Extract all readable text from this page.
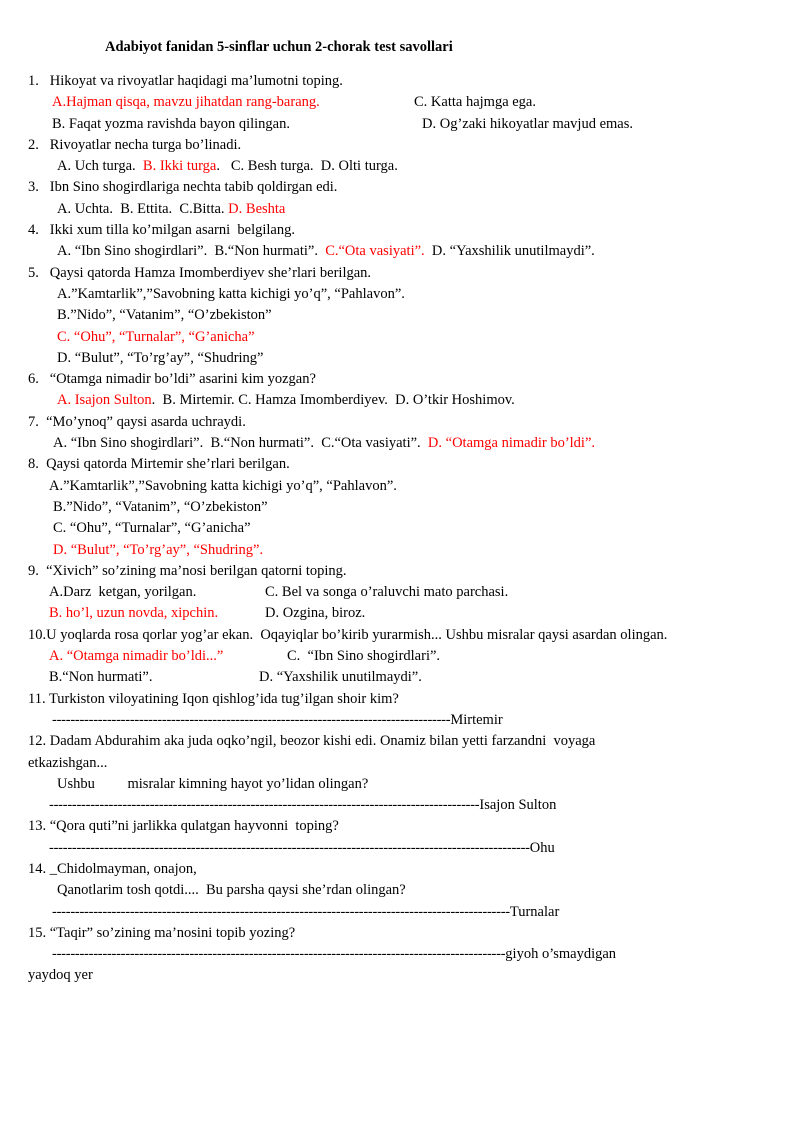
Adabiyot fanidan 5-sinflar uchun 2-chorak test savollari
1.   Hikoyat va rivoyatlar haqidagi ma’lumotni toping.
A.Hajman qisqa, mavzu jihatdan rang-barang.	C. Katta hajmga ega.
B. Faqat yozma ravishda bayon qilingan.	D. Og’zaki hikoyatlar mavjud emas.
2.   Rivoyatlar necha turga bo’linadi.
A. Uch turga.  B. Ikki turga.   C. Besh turga.  D. Olti turga.
3.   Ibn Sino shogirdlariga nechta tabib qoldirgan edi.
A. Uchta.  B. Ettita.  C.Bitta. D. Beshta
4.   Ikki xum tilla ko’milgan asarni  belgilang.
A. “Ibn Sino shogirdlari”.  B.“Non hurmati”.  C.“Ota vasiyati”.  D. “Yaxshilik unutilmaydi”.
5.   Qaysi qatorda Hamza Imomberdiyev she’rlari berilgan.
A.”Kamtarlik”,”Savobning katta kichigi yo’q”, “Pahlavon”.
B.”Nido”, “Vatanim”, “O’zbekiston”
C. “Ohu”, “Turnalar”, “G’anicha”
D. “Bulut”, “To’rg’ay”, “Shudring”
6.   “Otamga nimadir bo’ldi” asarini kim yozgan?
A. Isajon Sulton.  B. Mirtemir. C. Hamza Imomberdiyev.  D. O’tkir Hoshimov.
7.  “Mo’ynoq” qaysi asarda uchraydi.
A. “Ibn Sino shogirdlari”.  B.“Non hurmati”.  C.“Ota vasiyati”.  D. “Otamga nimadir bo’ldi”.
8.  Qaysi qatorda Mirtemir she’rlari berilgan.
A.”Kamtarlik”,”Savobning katta kichigi yo’q”, “Pahlavon”.
B.”Nido”, “Vatanim”, “O’zbekiston”
C. “Ohu”, “Turnalar”, “G’anicha”
D. “Bulut”, “To’rg’ay”, “Shudring”.
9.  “Xivich” so’zining ma’nosi berilgan qatorni toping.
A.Darz  ketgan, yorilgan.	C. Bel va songa o’raluvchi mato parchasi.
B. ho’l, uzun novda, xipchin.	D. Ozgina, biroz.
10.U yoqlarda rosa qorlar yog’ar ekan.  Oqayiqlar bo’kirib yurarmish... Ushbu misralar qaysi asardan olingan.
A. “Otamga nimadir bo’ldi...”	C.  “Ibn Sino shogirdlari”.
B.“Non hurmati”.	D. “Yaxshilik unutilmaydi”.
11. Turkiston viloyatining Iqon qishlog’ida tug’ilgan shoir kim?
---------------------------------------------------------------------------------------Mirtemir
12. Dadam Abdurahim aka juda oqko’ngil, beozor kishi edi. Onamiz bilan yetti farzandni  voyaga
etkazishgan...
Ushbu         misralar kimning hayot yo’lidan olingan?
----------------------------------------------------------------------------------------------Isajon Sulton
13. “Qora quti”ni jarlikka qulatgan hayvonni  toping?
---------------------------------------------------------------------------------------------------------Ohu
14. _Chidolmayman, onajon,
Qanotlarim tosh qotdi....  Bu parsha qaysi she’rdan olingan?
----------------------------------------------------------------------------------------------------Turnalar
15. “Taqir” so’zining ma’nosini topib yozing?
---------------------------------------------------------------------------------------------------giyoh o’smaydigan
yaydoq yer
